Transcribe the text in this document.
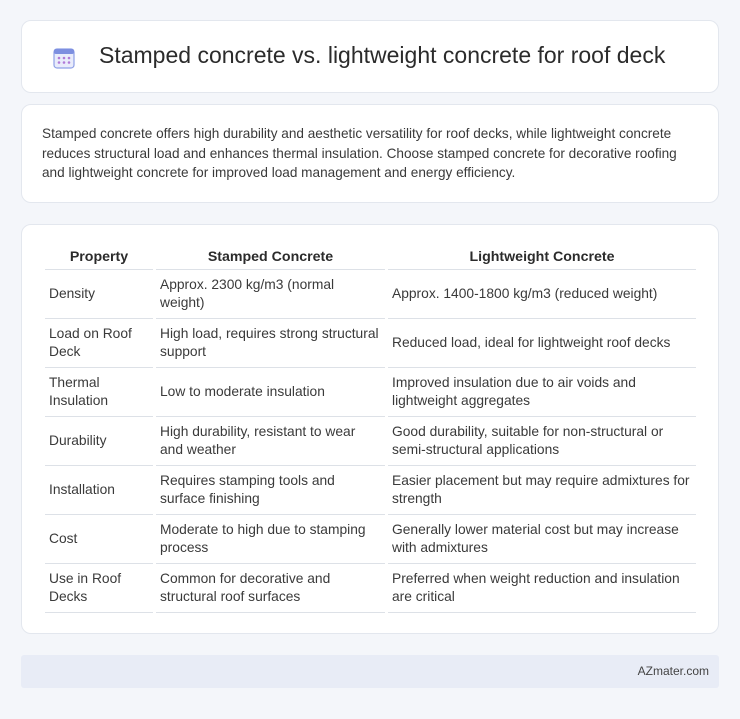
Stamped concrete vs. lightweight concrete for roof deck

Stamped concrete offers high durability and aesthetic versatility for roof decks, while lightweight concrete reduces structural load and enhances thermal insulation. Choose stamped concrete for decorative roofing and lightweight concrete for improved load management and energy efficiency.

Property	Stamped Concrete	Lightweight Concrete
Density	Approx. 2300 kg/m3 (normal weight)	Approx. 1400-1800 kg/m3 (reduced weight)
Load on Roof Deck	High load, requires strong structural support	Reduced load, ideal for lightweight roof decks
Thermal Insulation	Low to moderate insulation	Improved insulation due to air voids and lightweight aggregates
Durability	High durability, resistant to wear and weather	Good durability, suitable for non-structural or semi-structural applications
Installation	Requires stamping tools and surface finishing	Easier placement but may require admixtures for strength
Cost	Moderate to high due to stamping process	Generally lower material cost but may increase with admixtures
Use in Roof Decks	Common for decorative and structural roof surfaces	Preferred when weight reduction and insulation are critical
AZmater.com
